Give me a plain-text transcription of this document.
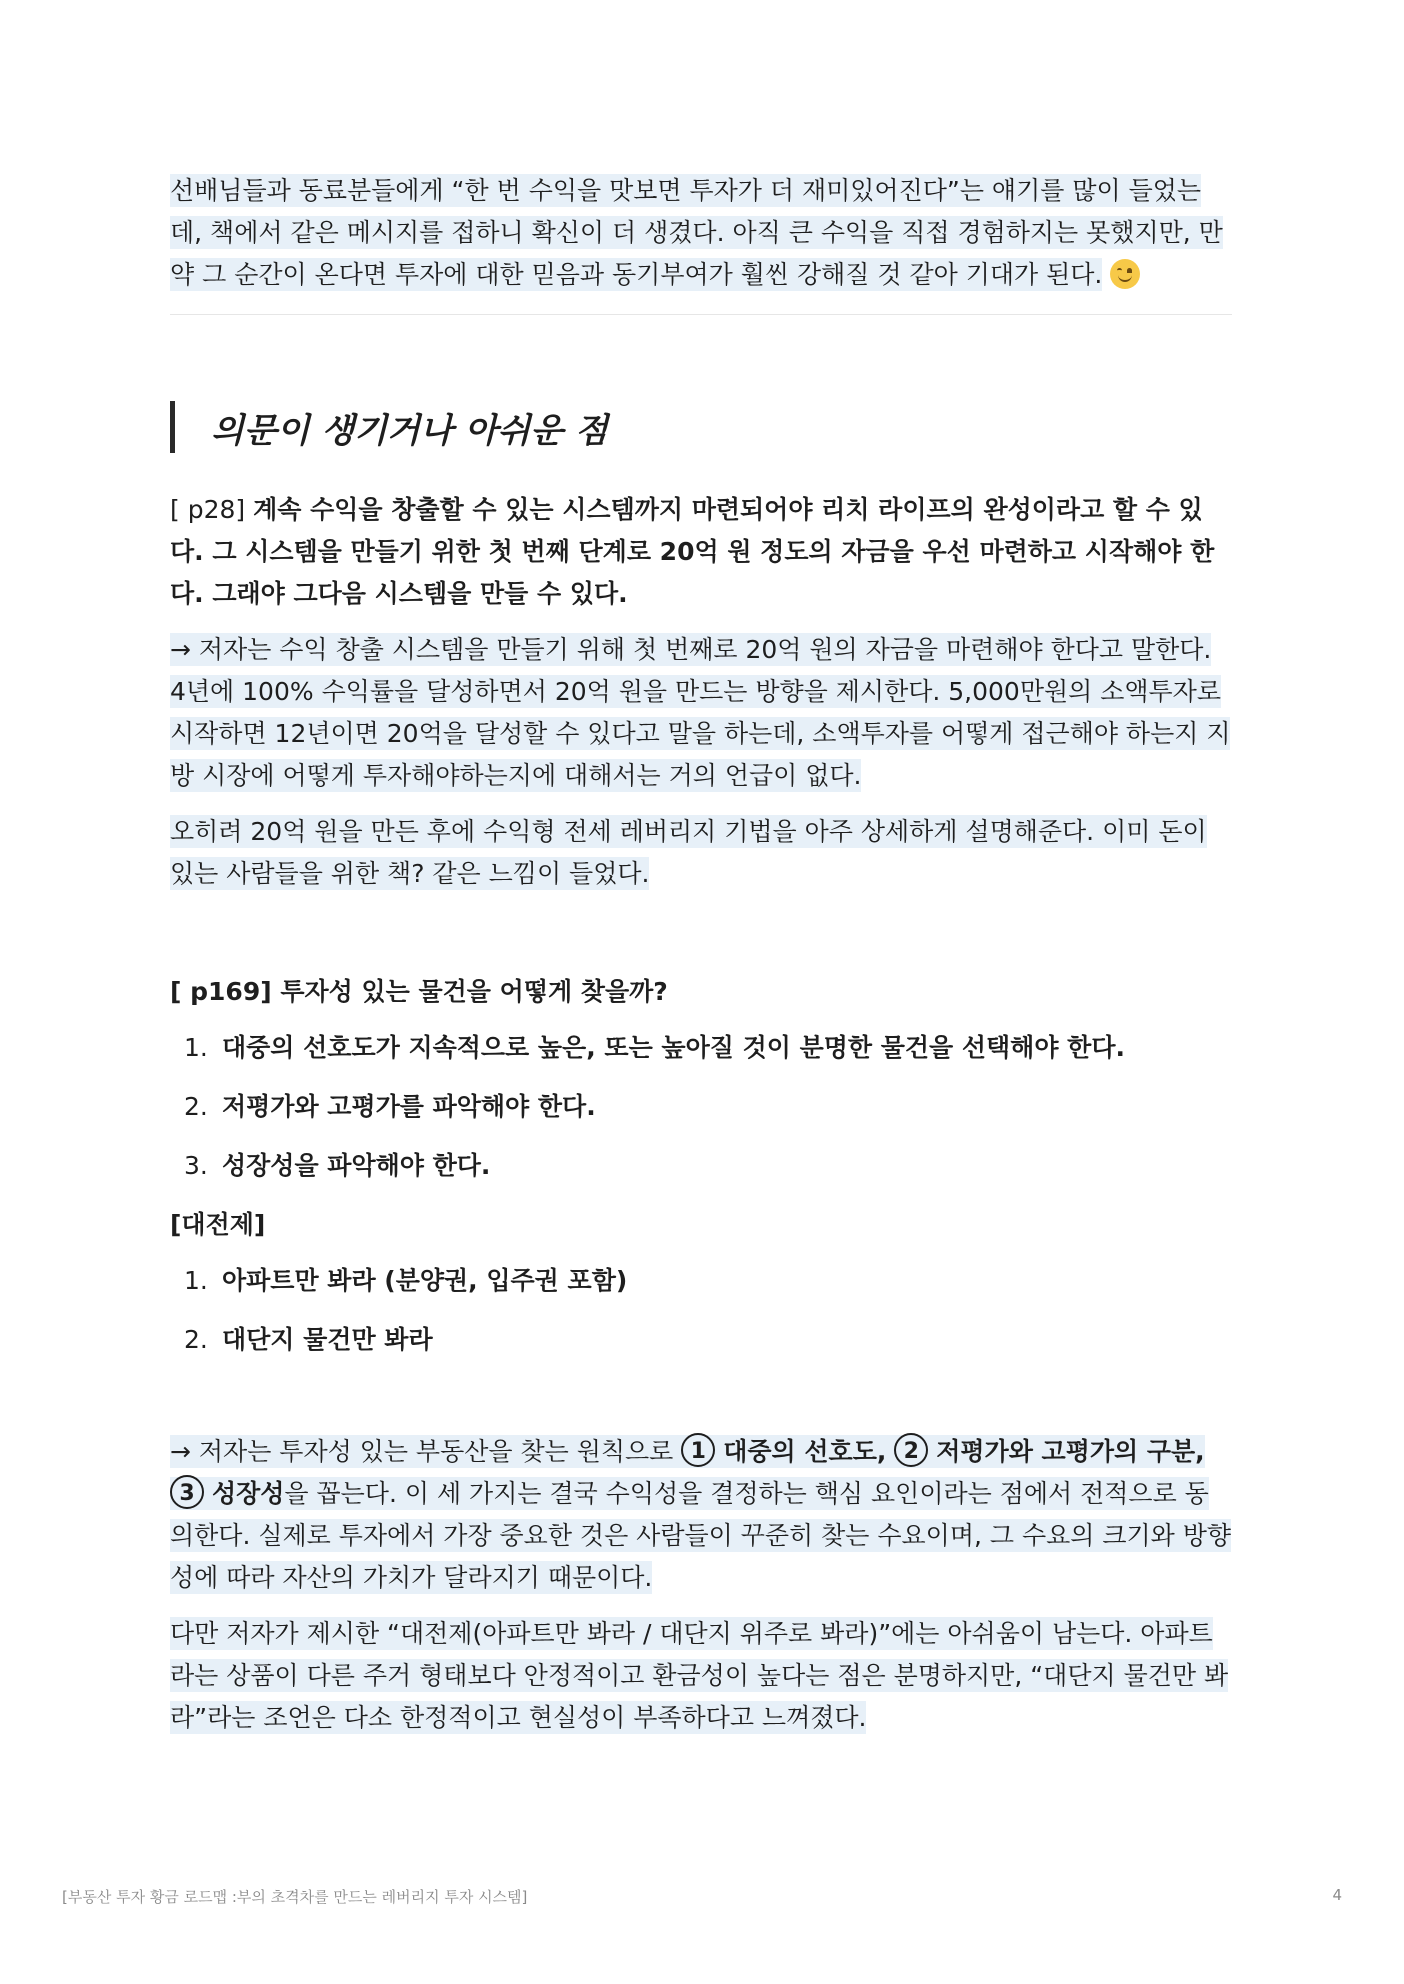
선배님들과 동료분들에게 “한 번 수익을 맛보면 투자가 더 재미있어진다”는 얘기를 많이 들었는데, 책에서 같은 메시지를 접하니 확신이 더 생겼다. 아직 큰 수익을 직접 경험하지는 못했지만, 만약 그 순간이 온다면 투자에 대한 믿음과 동기부여가 훨씬 강해질 것 같아 기대가 된다.

의문이 생기거나 아쉬운 점

[ p28] 계속 수익을 창출할 수 있는 시스템까지 마련되어야 리치 라이프의 완성이라고 할 수 있다. 그 시스템을 만들기 위한 첫 번째 단계로 20억 원 정도의 자금을 우선 마련하고 시작해야 한다. 그래야 그다음 시스템을 만들 수 있다.

→ 저자는 수익 창출 시스템을 만들기 위해 첫 번째로 20억 원의 자금을 마련해야 한다고 말한다. 4년에 100% 수익률을 달성하면서 20억 원을 만드는 방향을 제시한다. 5,000만원의 소액투자로 시작하면 12년이면 20억을 달성할 수 있다고 말을 하는데, 소액투자를 어떻게 접근해야 하는지 지방 시장에 어떻게 투자해야하는지에 대해서는 거의 언급이 없다.

오히려 20억 원을 만든 후에 수익형 전세 레버리지 기법을 아주 상세하게 설명해준다. 이미 돈이 있는 사람들을 위한 책? 같은 느낌이 들었다.

[ p169] 투자성 있는 물건을 어떻게 찾을까?

1. 대중의 선호도가 지속적으로 높은, 또는 높아질 것이 분명한 물건을 선택해야 한다.
2. 저평가와 고평가를 파악해야 한다.
3. 성장성을 파악해야 한다.

[대전제]

1. 아파트만 봐라 (분양권, 입주권 포함)
2. 대단지 물건만 봐라

→ 저자는 투자성 있는 부동산을 찾는 원칙으로 1 대중의 선호도, 2 저평가와 고평가의 구분, 3 성장성을 꼽는다. 이 세 가지는 결국 수익성을 결정하는 핵심 요인이라는 점에서 전적으로 동의한다. 실제로 투자에서 가장 중요한 것은 사람들이 꾸준히 찾는 수요이며, 그 수요의 크기와 방향성에 따라 자산의 가치가 달라지기 때문이다.

다만 저자가 제시한 “대전제(아파트만 봐라 / 대단지 위주로 봐라)”에는 아쉬움이 남는다. 아파트라는 상품이 다른 주거 형태보다 안정적이고 환금성이 높다는 점은 분명하지만, “대단지 물건만 봐라”라는 조언은 다소 한정적이고 현실성이 부족하다고 느껴졌다.

[부동산 투자 황금 로드맵 :부의 초격차를 만드는 레버리지 투자 시스템]	4
